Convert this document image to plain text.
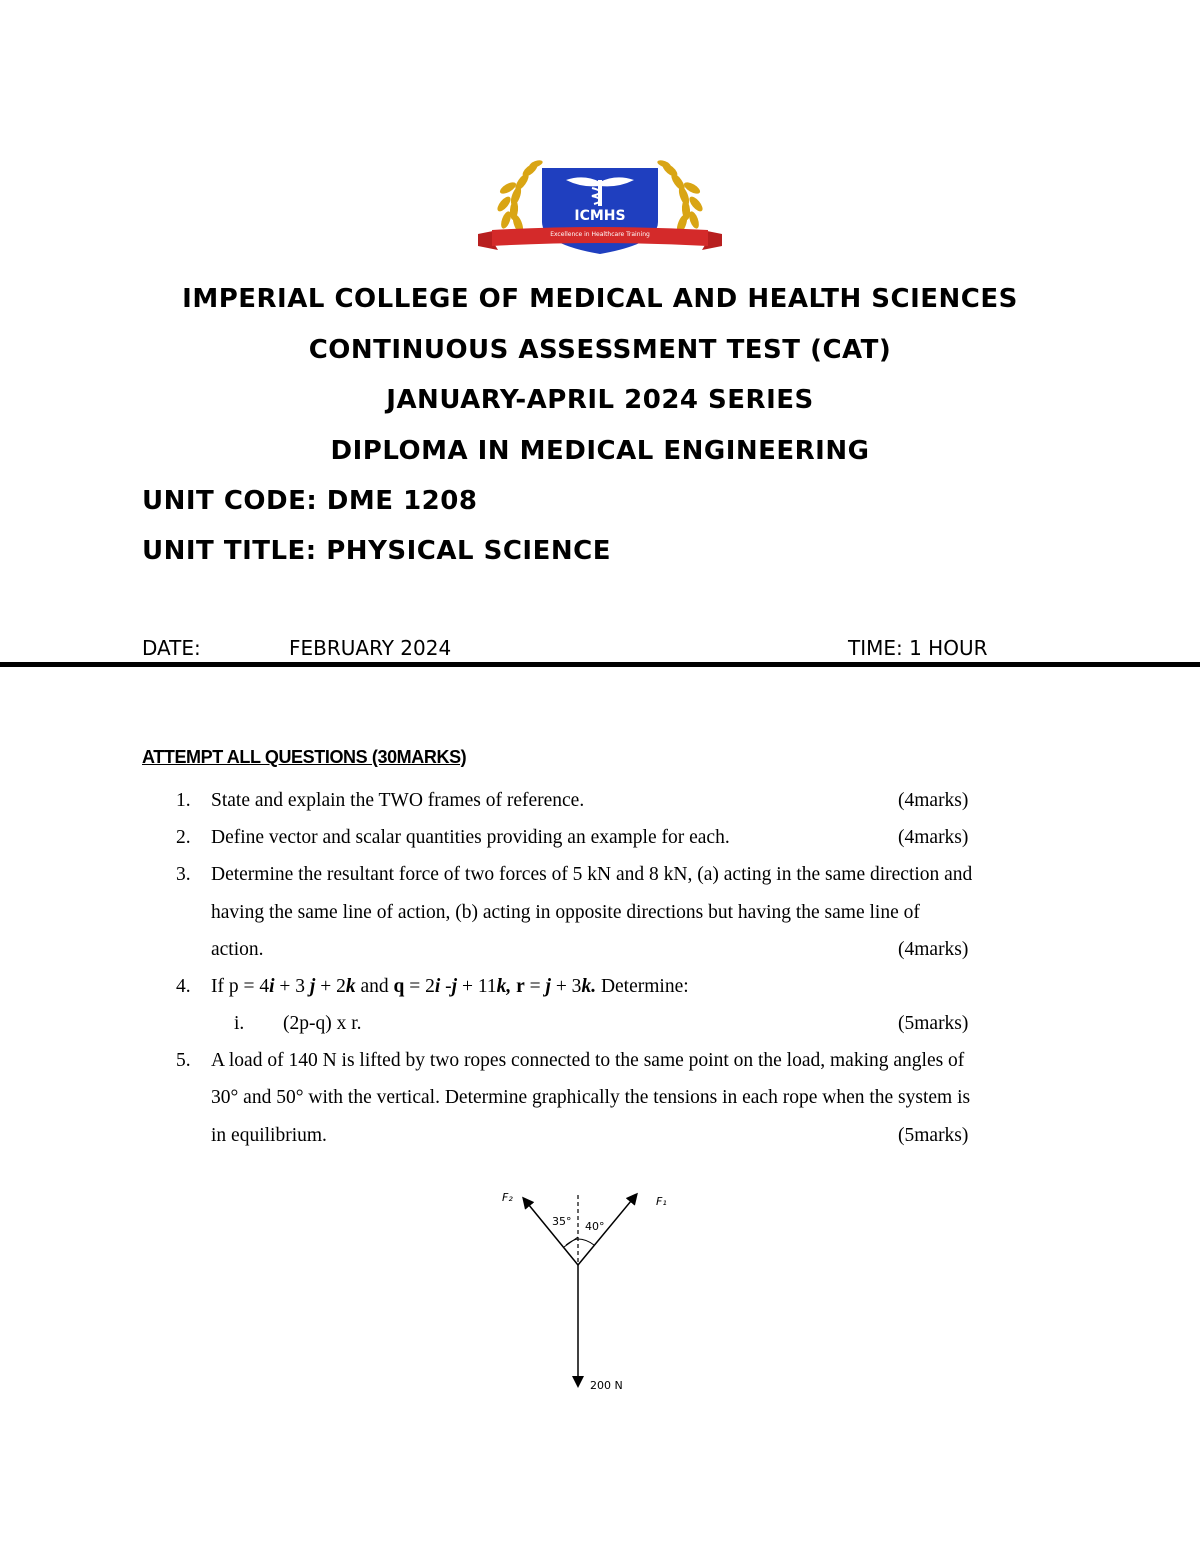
ICMHS
Excellence in Healthcare Training
IMPERIAL COLLEGE OF MEDICAL AND HEALTH SCIENCES
CONTINUOUS ASSESSMENT TEST (CAT)
JANUARY-APRIL 2024 SERIES
DIPLOMA IN MEDICAL ENGINEERING
UNIT CODE: DME 1208
UNIT TITLE: PHYSICAL SCIENCE
DATE:	FEBRUARY 2024	TIME: 1 HOUR
ATTEMPT ALL QUESTIONS (30MARKS)
1. State and explain the TWO frames of reference.	(4marks)
2. Define vector and scalar quantities providing an example for each.	(4marks)
3. Determine the resultant force of two forces of 5 kN and 8 kN, (a) acting in the same direction and
having the same line of action, (b) acting in opposite directions but having the same line of
action.	(4marks)
4. If p = 4i + 3 j + 2k and q = 2i -j + 11k, r = j + 3k. Determine:
i. (2p-q) x r.	(5marks)
5. A load of 140 N is lifted by two ropes connected to the same point on the load, making angles of
30° and 50° with the vertical. Determine graphically the tensions in each rope when the system is
in equilibrium.	(5marks)
F₂	F₁
35° 40°
200 N
